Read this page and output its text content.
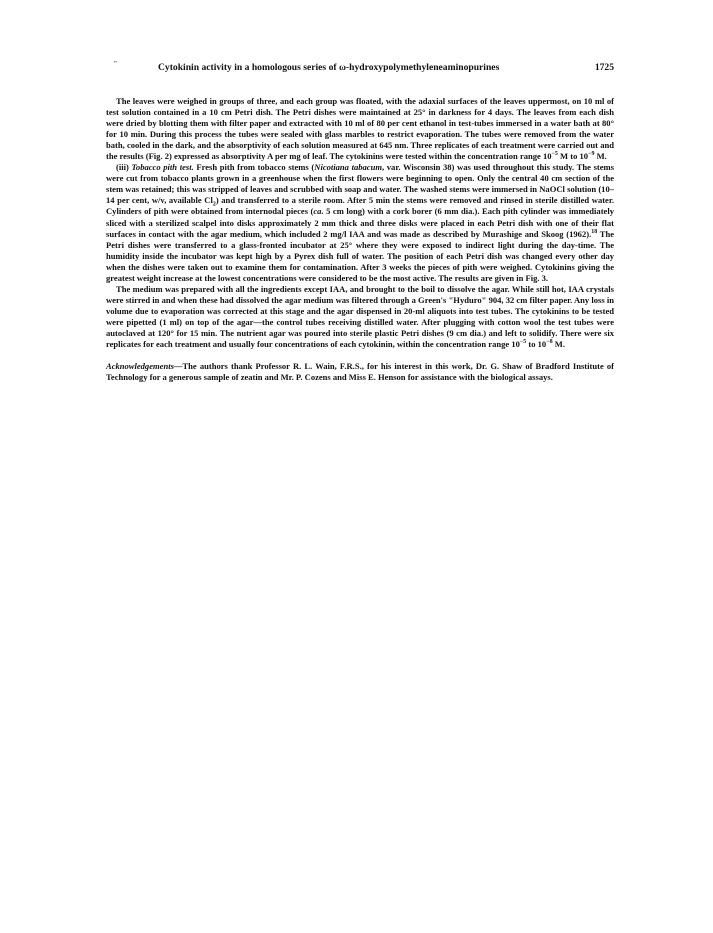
"	Cytokinin activity in a homologous series of ω-hydroxypolymethyleneaminopurines	1725

The leaves were weighed in groups of three, and each group was floated, with the adaxial surfaces of the leaves uppermost, on 10 ml of test solution contained in a 10 cm Petri dish. The Petri dishes were maintained at 25° in darkness for 4 days. The leaves from each dish were dried by blotting them with filter paper and extracted with 10 ml of 80 per cent ethanol in test-tubes immersed in a water bath at 80° for 10 min. During this process the tubes were sealed with glass marbles to restrict evaporation. The tubes were removed from the water bath, cooled in the dark, and the absorptivity of each solution measured at 645 nm. Three replicates of each treatment were carried out and the results (Fig. 2) expressed as absorptivity A per mg of leaf. The cytokinins were tested within the concentration range $10^{-5}$ M to $10^{-9}$ M.

(iii) Tobacco pith test. Fresh pith from tobacco stems (Nicotiana tabacum, var. Wisconsin 38) was used throughout this study. The stems were cut from tobacco plants grown in a greenhouse when the first flowers were beginning to open. Only the central 40 cm section of the stem was retained; this was stripped of leaves and scrubbed with soap and water. The washed stems were immersed in NaOCl solution (10–14 per cent, w/v, available $Cl_2$) and transferred to a sterile room. After 5 min the stems were removed and rinsed in sterile distilled water. Cylinders of pith were obtained from internodal pieces (ca. 5 cm long) with a cork borer (6 mm dia.). Each pith cylinder was immediately sliced with a sterilized scalpel into disks approximately 2 mm thick and three disks were placed in each Petri dish with one of their flat surfaces in contact with the agar medium, which included 2 mg/l IAA and was made as described by Murashige and Skoog (1962).$^{18}$ The Petri dishes were transferred to a glass-fronted incubator at 25° where they were exposed to indirect light during the day-time. The humidity inside the incubator was kept high by a Pyrex dish full of water. The position of each Petri dish was changed every other day when the dishes were taken out to examine them for contamination. After 3 weeks the pieces of pith were weighed. Cytokinins giving the greatest weight increase at the lowest concentrations were considered to be the most active. The results are given in Fig. 3.

The medium was prepared with all the ingredients except IAA, and brought to the boil to dissolve the agar. While still hot, IAA crystals were stirred in and when these had dissolved the agar medium was filtered through a Green's "Hyduro" 904, 32 cm filter paper. Any loss in volume due to evaporation was corrected at this stage and the agar dispensed in 20-ml aliquots into test tubes. The cytokinins to be tested were pipetted (1 ml) on top of the agar—the control tubes receiving distilled water. After plugging with cotton wool the test tubes were autoclaved at 120° for 15 min. The nutrient agar was poured into sterile plastic Petri dishes (9 cm dia.) and left to solidify. There were six replicates for each treatment and usually four concentrations of each cytokinin, within the concentration range $10^{-5}$ to $10^{-8}$ M.

Acknowledgements—The authors thank Professor R. L. Wain, F.R.S., for his interest in this work, Dr. G. Shaw of Bradford Institute of Technology for a generous sample of zeatin and Mr. P. Cozens and Miss E. Henson for assistance with the biological assays.
